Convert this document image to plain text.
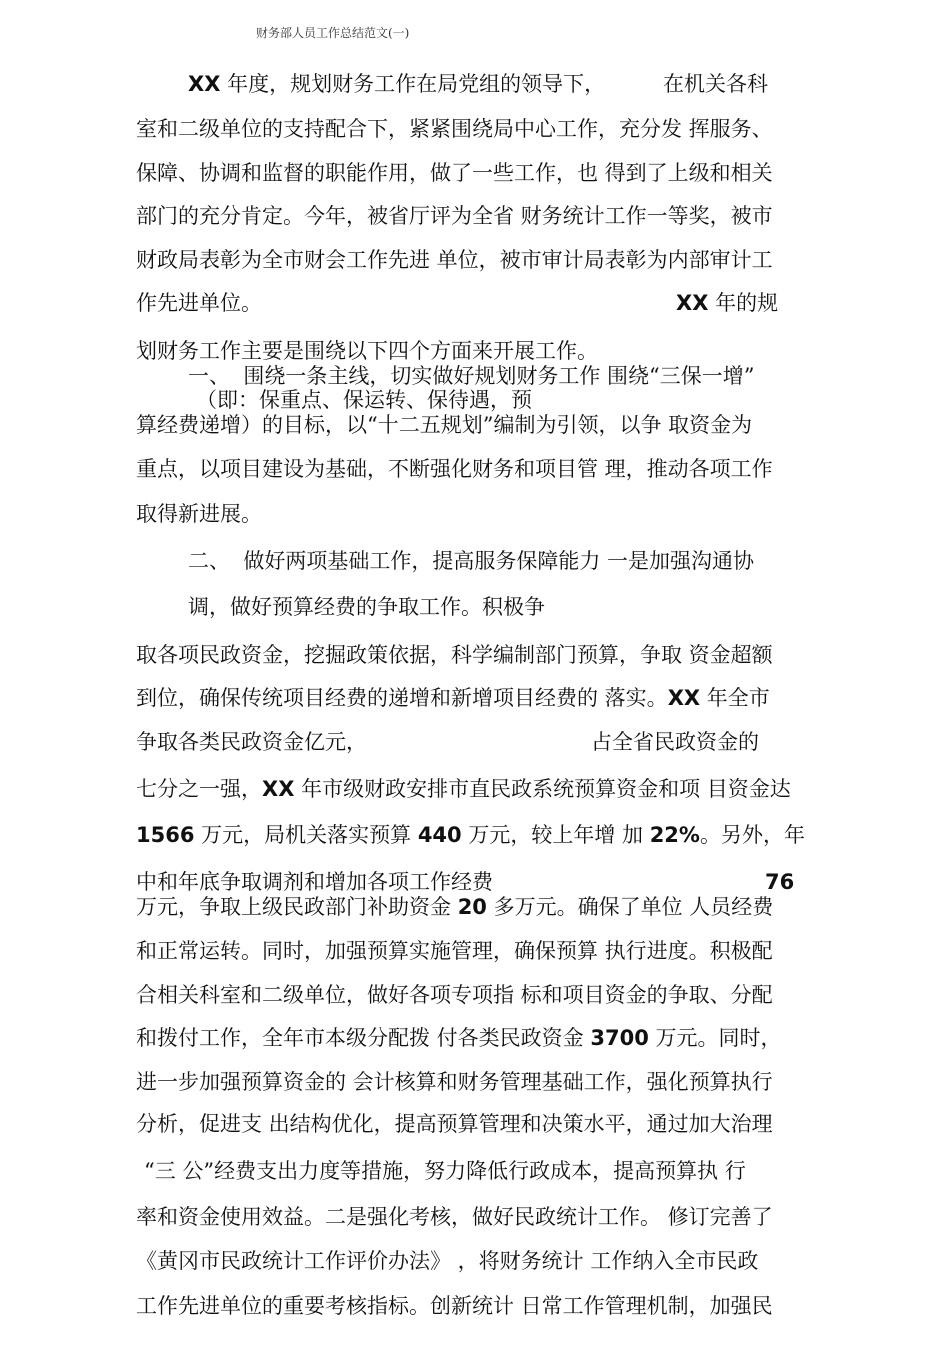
财务部人员工作总结范文(一)
XX 年度，规划财务工作在局党组的领导下，	在机关各科
室和二级单位的支持配合下，紧紧围绕局中心工作，充分发 挥服务、
保障、协调和监督的职能作用，做了一些工作，也 得到了上级和相关
部门的充分肯定。今年，被省厅评为全省 财务统计工作一等奖，被市
财政局表彰为全市财会工作先进 单位，被市审计局表彰为内部审计工
作先进单位。	XX 年的规
划财务工作主要是围绕以下四个方面来开展工作。
一、  围绕一条主线，切实做好规划财务工作 围绕“三保一增”
（即：保重点、保运转、保待遇，预
算经费递增）的目标，以“十二五规划”编制为引领，以争 取资金为
重点，以项目建设为基础，不断强化财务和项目管 理，推动各项工作
取得新进展。
二、  做好两项基础工作，提高服务保障能力 一是加强沟通协
调，做好预算经费的争取工作。积极争
取各项民政资金，挖掘政策依据，科学编制部门预算，争取 资金超额
到位，确保传统项目经费的递增和新增项目经费的 落实。XX 年全市
争取各类民政资金亿元，	占全省民政资金的
七分之一强，XX 年市级财政安排市直民政系统预算资金和项 目资金达
1566 万元，局机关落实预算 440 万元，较上年增 加 22%。另外，年
中和年底争取调剂和增加各项工作经费	76
万元，争取上级民政部门补助资金 20 多万元。确保了单位 人员经费
和正常运转。同时，加强预算实施管理，确保预算 执行进度。积极配
合相关科室和二级单位，做好各项专项指 标和项目资金的争取、分配
和拨付工作，全年市本级分配拨 付各类民政资金 3700 万元。同时，
进一步加强预算资金的 会计核算和财务管理基础工作，强化预算执行
分析，促进支 出结构优化，提高预算管理和决策水平，通过加大治理
“三 公”经费支出力度等措施，努力降低行政成本，提高预算执 行
率和资金使用效益。二是强化考核，做好民政统计工作。 修订完善了
《黄冈市民政统计工作评价办法》 ，将财务统计 工作纳入全市民政
工作先进单位的重要考核指标。创新统计 日常工作管理机制，加强民
